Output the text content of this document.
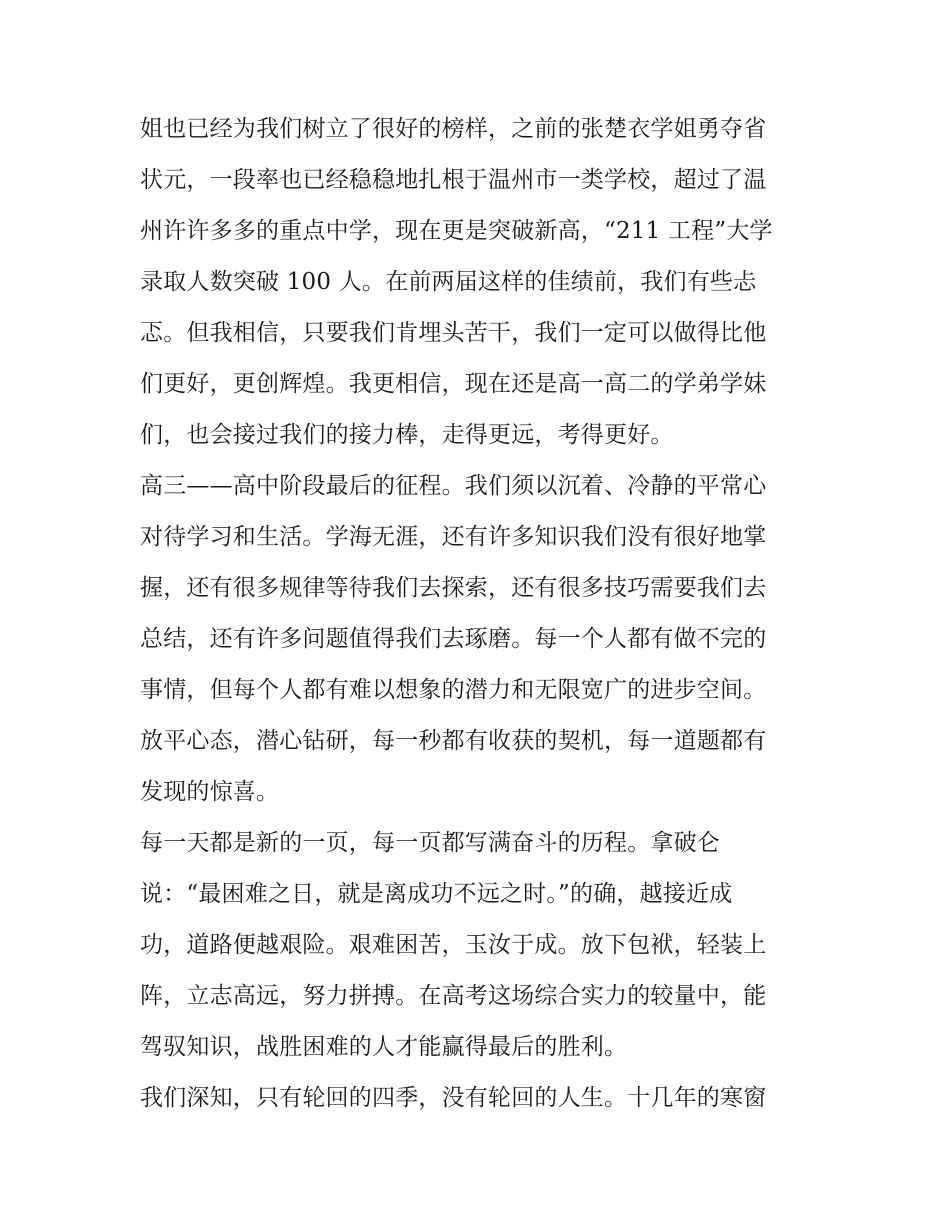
姐也已经为我们树立了很好的榜样，之前的张楚衣学姐勇夺省
状元，一段率也已经稳稳地扎根于温州市一类学校，超过了温
州许许多多的重点中学，现在更是突破新高，“211 工程”大学
录取人数突破 100 人。在前两届这样的佳绩前，我们有些忐
忑。但我相信，只要我们肯埋头苦干，我们一定可以做得比他
们更好，更创辉煌。我更相信，现在还是高一高二的学弟学妹
们，也会接过我们的接力棒，走得更远，考得更好。
高三——高中阶段最后的征程。我们须以沉着、冷静的平常心
对待学习和生活。学海无涯，还有许多知识我们没有很好地掌
握，还有很多规律等待我们去探索，还有很多技巧需要我们去
总结，还有许多问题值得我们去琢磨。每一个人都有做不完的
事情，但每个人都有难以想象的潜力和无限宽广的进步空间。
放平心态，潜心钻研，每一秒都有收获的契机，每一道题都有
发现的惊喜。
每一天都是新的一页，每一页都写满奋斗的历程。拿破仑
说：“最困难之日，就是离成功不远之时。”的确，越接近成
功，道路便越艰险。艰难困苦，玉汝于成。放下包袱，轻装上
阵，立志高远，努力拼搏。在高考这场综合实力的较量中，能
驾驭知识，战胜困难的人才能赢得最后的胜利。
我们深知，只有轮回的四季，没有轮回的人生。十几年的寒窗
